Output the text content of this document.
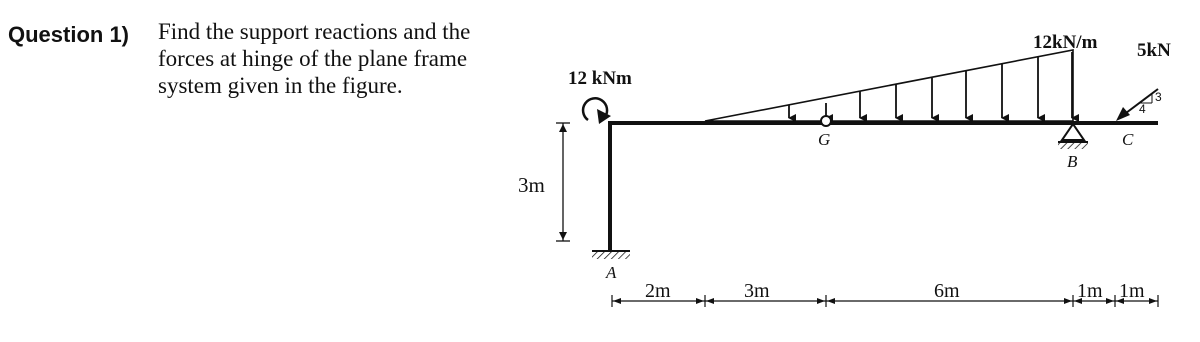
Question 1) Find the support reactions and the
forces at hinge of the plane frame
system given in the figure.
3m
A
12 kNm
12kN/m
G
B
3
4
5kN
C
2m	3m	6m	1m 1m
